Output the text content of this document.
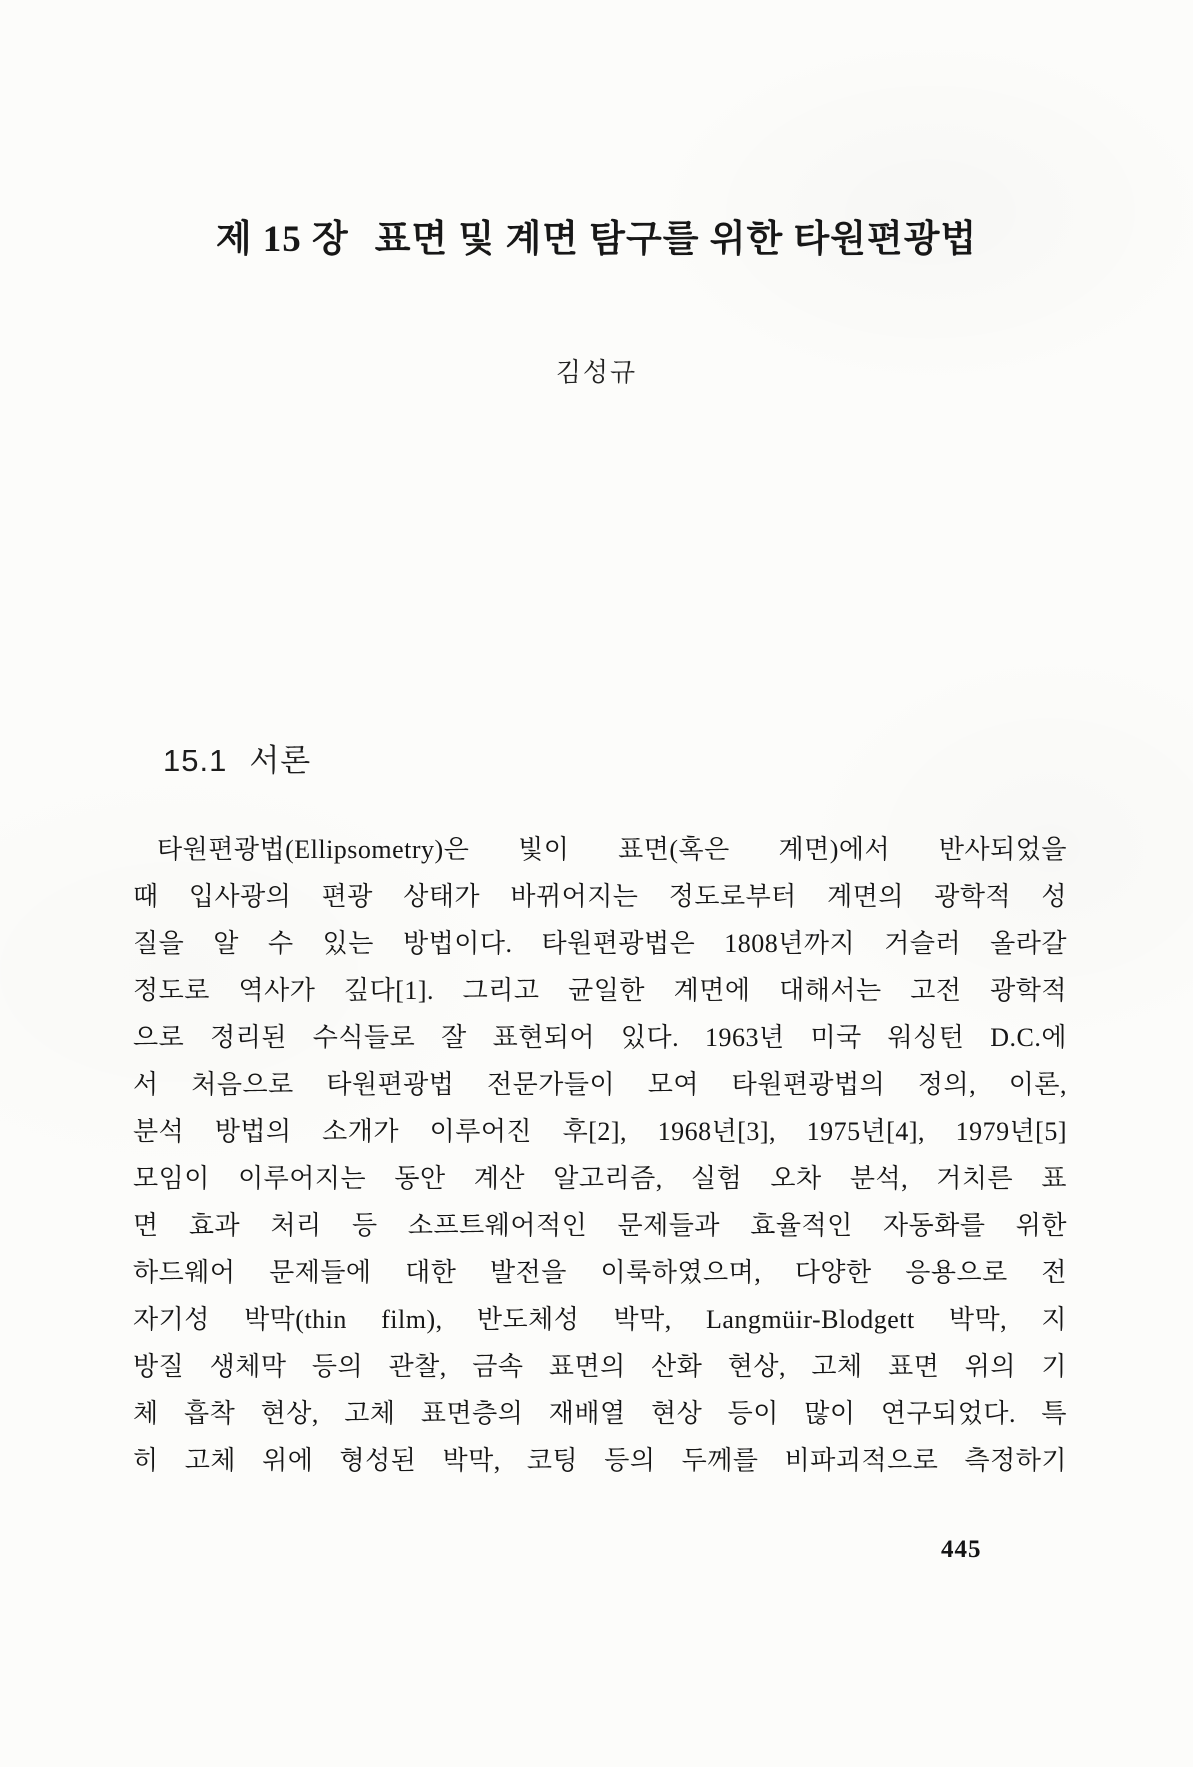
제 15 장 표면 및 계면 탐구를 위한 타원편광법
김성규
15.1 서론
타원편광법(Ellipsometry)은 빛이 표면(혹은 계면)에서 반사되었을
때 입사광의 편광 상태가 바뀌어지는 정도로부터 계면의 광학적 성
질을 알 수 있는 방법이다. 타원편광법은 1808년까지 거슬러 올라갈
정도로 역사가 깊다[1]. 그리고 균일한 계면에 대해서는 고전 광학적
으로 정리된 수식들로 잘 표현되어 있다. 1963년 미국 워싱턴 D.C.에
서 처음으로 타원편광법 전문가들이 모여 타원편광법의 정의, 이론,
분석 방법의 소개가 이루어진 후[2], 1968년[3], 1975년[4], 1979년[5]
모임이 이루어지는 동안 계산 알고리즘, 실험 오차 분석, 거치른 표
면 효과 처리 등 소프트웨어적인 문제들과 효율적인 자동화를 위한
하드웨어 문제들에 대한 발전을 이룩하였으며, 다양한 응용으로 전
자기성 박막(thin film), 반도체성 박막, Langmüir-Blodgett 박막, 지
방질 생체막 등의 관찰, 금속 표면의 산화 현상, 고체 표면 위의 기
체 흡착 현상, 고체 표면층의 재배열 현상 등이 많이 연구되었다. 특
히 고체 위에 형성된 박막, 코팅 등의 두께를 비파괴적으로 측정하기
445
